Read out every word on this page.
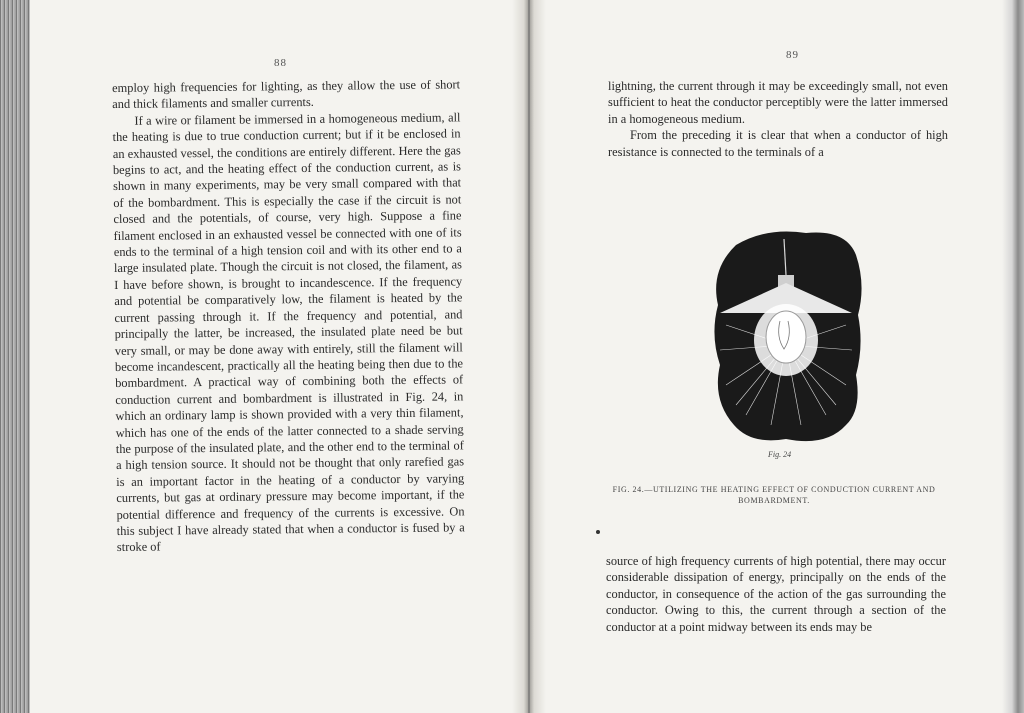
88

employ high frequencies for lighting, as they allow the use of short and thick filaments and smaller currents.

If a wire or filament be immersed in a homogeneous medium, all the heating is due to true conduction current; but if it be enclosed in an exhausted vessel, the conditions are entirely different. Here the gas begins to act, and the heating effect of the conduction current, as is shown in many experiments, may be very small compared with that of the bombardment. This is especially the case if the circuit is not closed and the potentials, of course, very high. Suppose a fine filament enclosed in an exhausted vessel be connected with one of its ends to the terminal of a high tension coil and with its other end to a large insulated plate. Though the circuit is not closed, the filament, as I have before shown, is brought to incandescence. If the frequency and potential be comparatively low, the filament is heated by the current passing through it. If the frequency and potential, and principally the latter, be increased, the insulated plate need be but very small, or may be done away with entirely, still the filament will become incandescent, practically all the heating being then due to the bombardment. A practical way of combining both the effects of conduction current and bombardment is illustrated in Fig. 24, in which an ordinary lamp is shown provided with a very thin filament, which has one of the ends of the latter connected to a shade serving the purpose of the insulated plate, and the other end to the terminal of a high tension source. It should not be thought that only rarefied gas is an important factor in the heating of a conductor by varying currents, but gas at ordinary pressure may become important, if the potential difference and frequency of the currents is excessive. On this subject I have already stated that when a conductor is fused by a stroke of

89

lightning, the current through it may be exceedingly small, not even sufficient to heat the conductor perceptibly were the latter immersed in a homogeneous medium.

From the preceding it is clear that when a conductor of high resistance is connected to the terminals of a

Fig. 24
FIG. 24.—UTILIZING THE HEATING EFFECT OF CONDUCTION CURRENT AND BOMBARDMENT.

source of high frequency currents of high potential, there may occur considerable dissipation of energy, principally on the ends of the conductor, in consequence of the action of the gas surrounding the conductor. Owing to this, the current through a section of the conductor at a point midway between its ends may be
